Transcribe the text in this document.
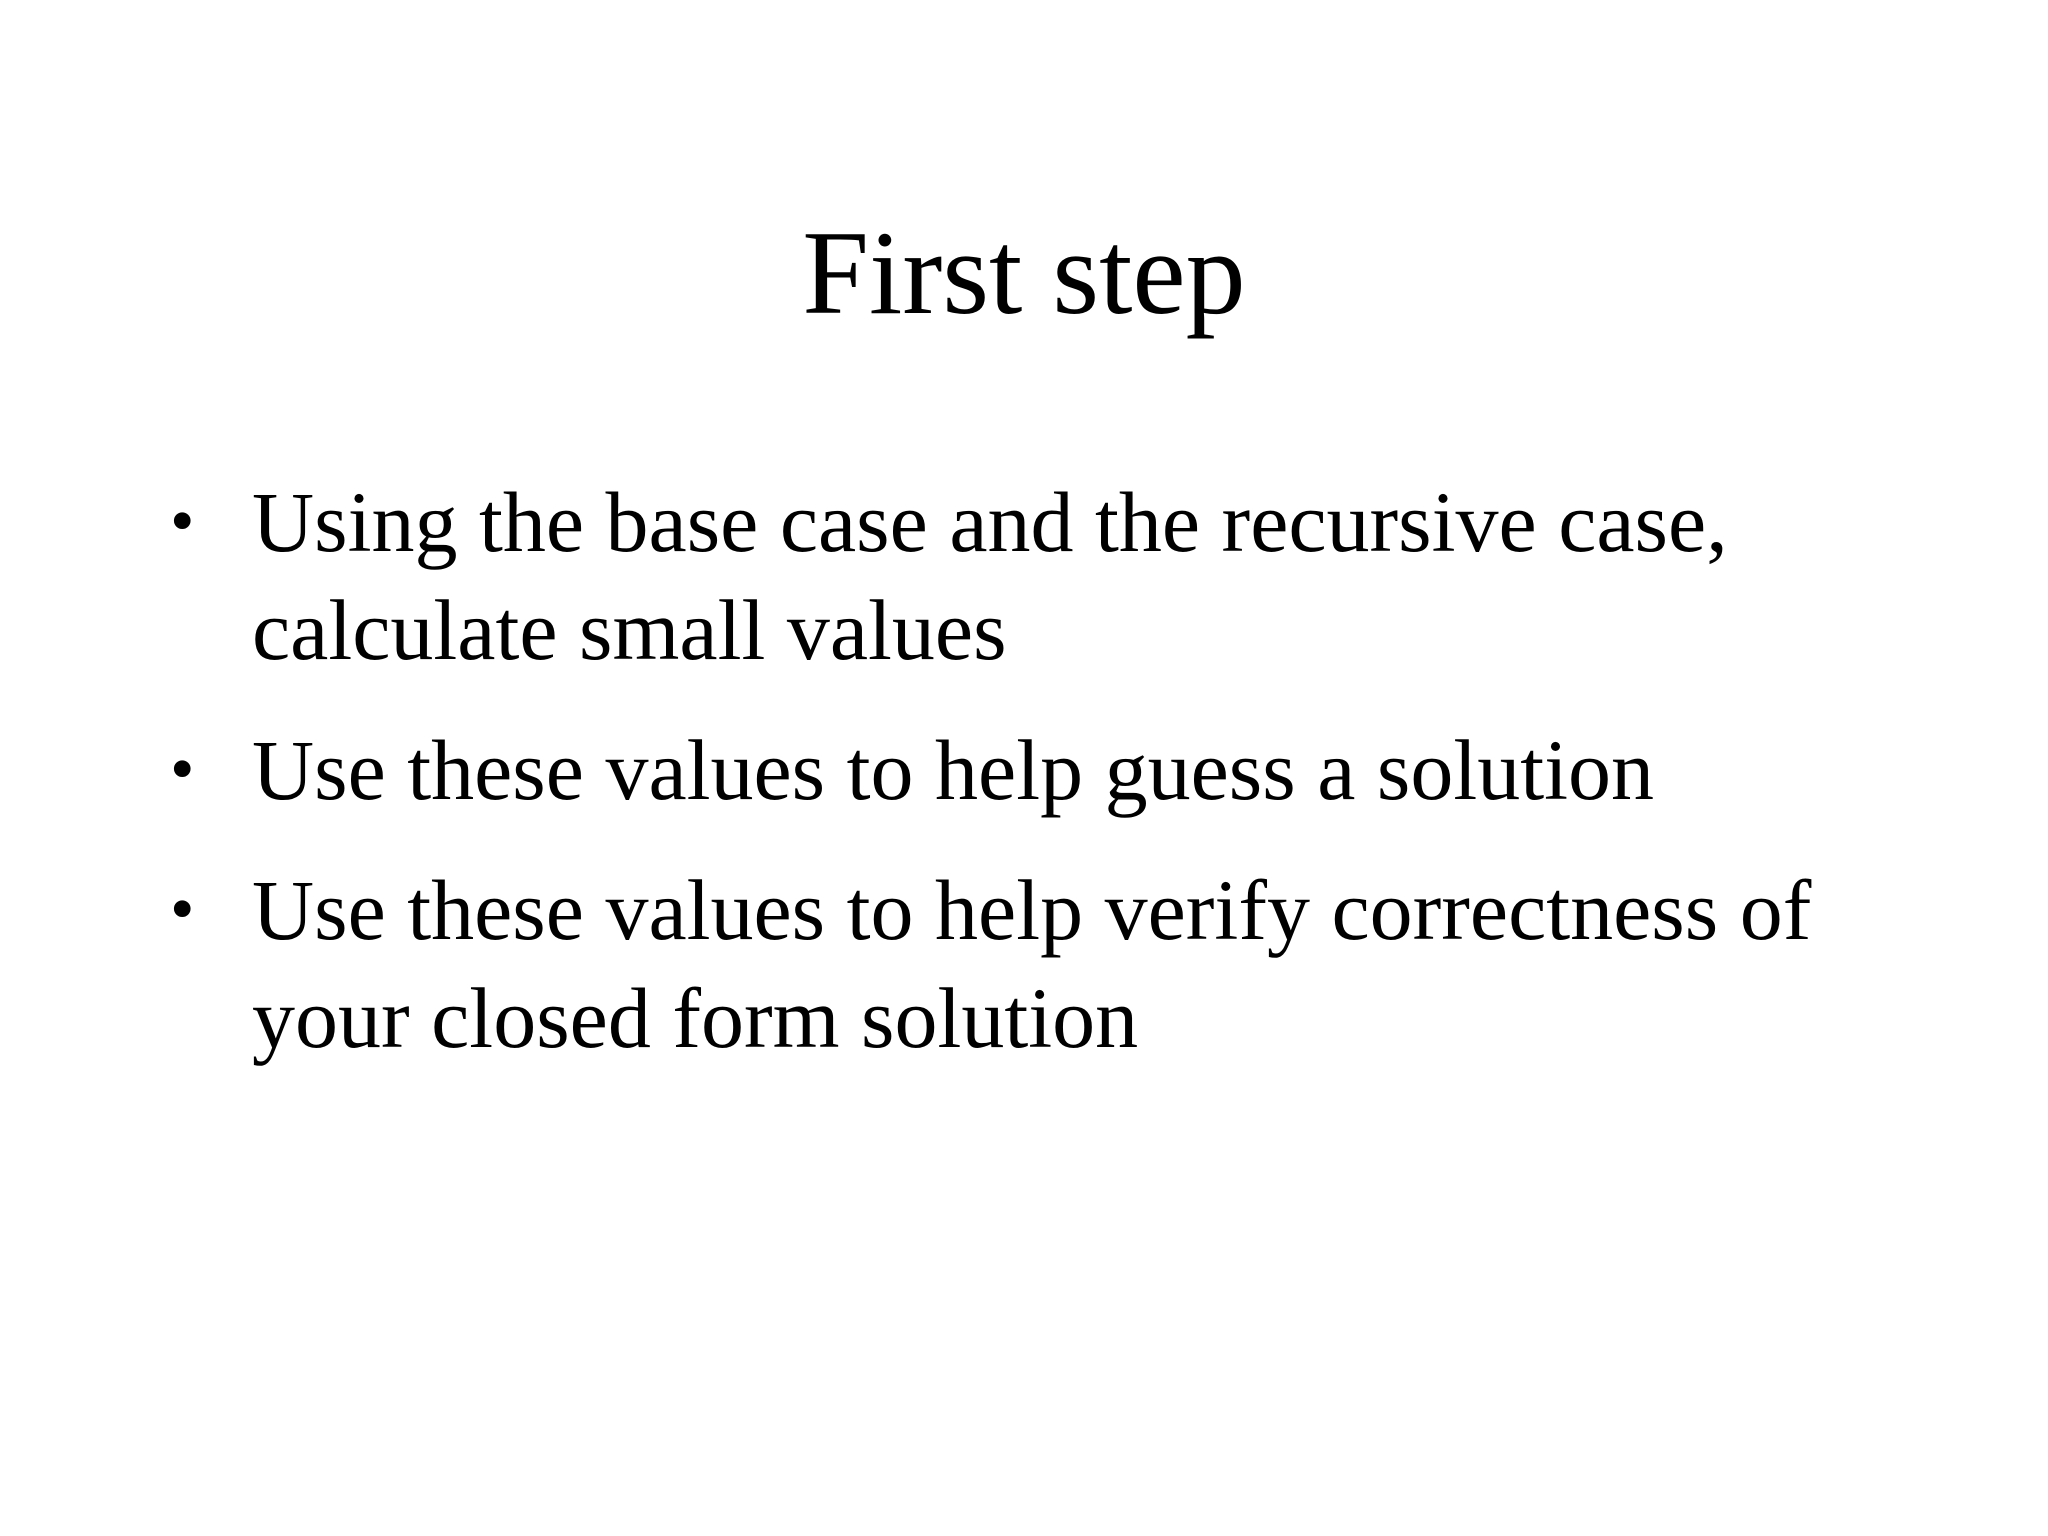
First step
• Using the base case and the recursive case, calculate small values
• Use these values to help guess a solution
• Use these values to help verify correctness of your closed form solution
